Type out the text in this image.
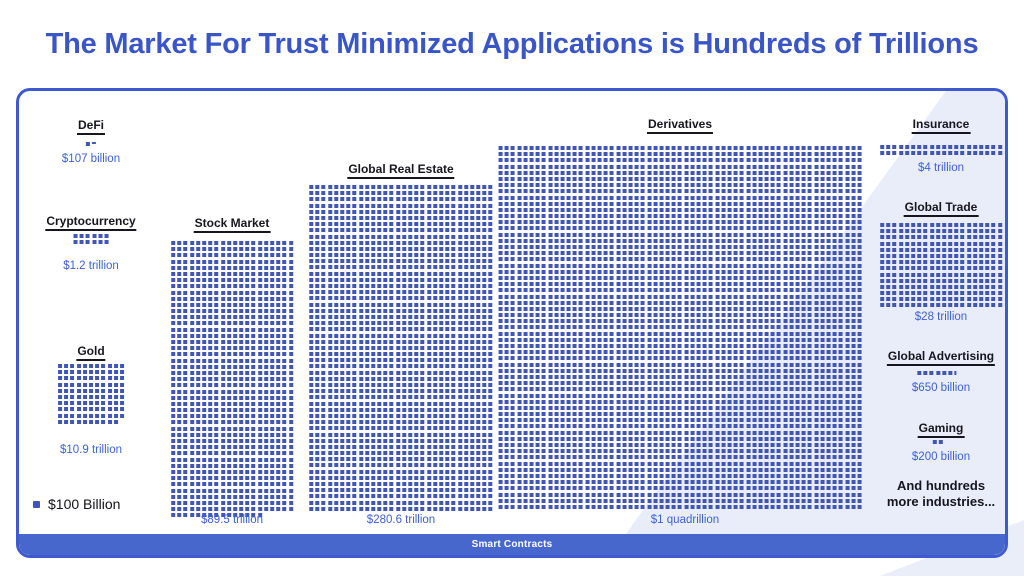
The Market For Trust Minimized Applications is Hundreds of Trillions
DeFi
$107 billion
Cryptocurrency
$1.2 trillion
Gold
$10.9 trillion
Stock Market
$89.5 trillion
Global Real Estate
$280.6 trillion
Derivatives
$1 quadrillion
Insurance
$4 trillion
Global Trade
$28 trillion
Global Advertising
$650 billion
Gaming
$200 billion
And hundreds
more industries...
$100 Billion
Smart Contracts
